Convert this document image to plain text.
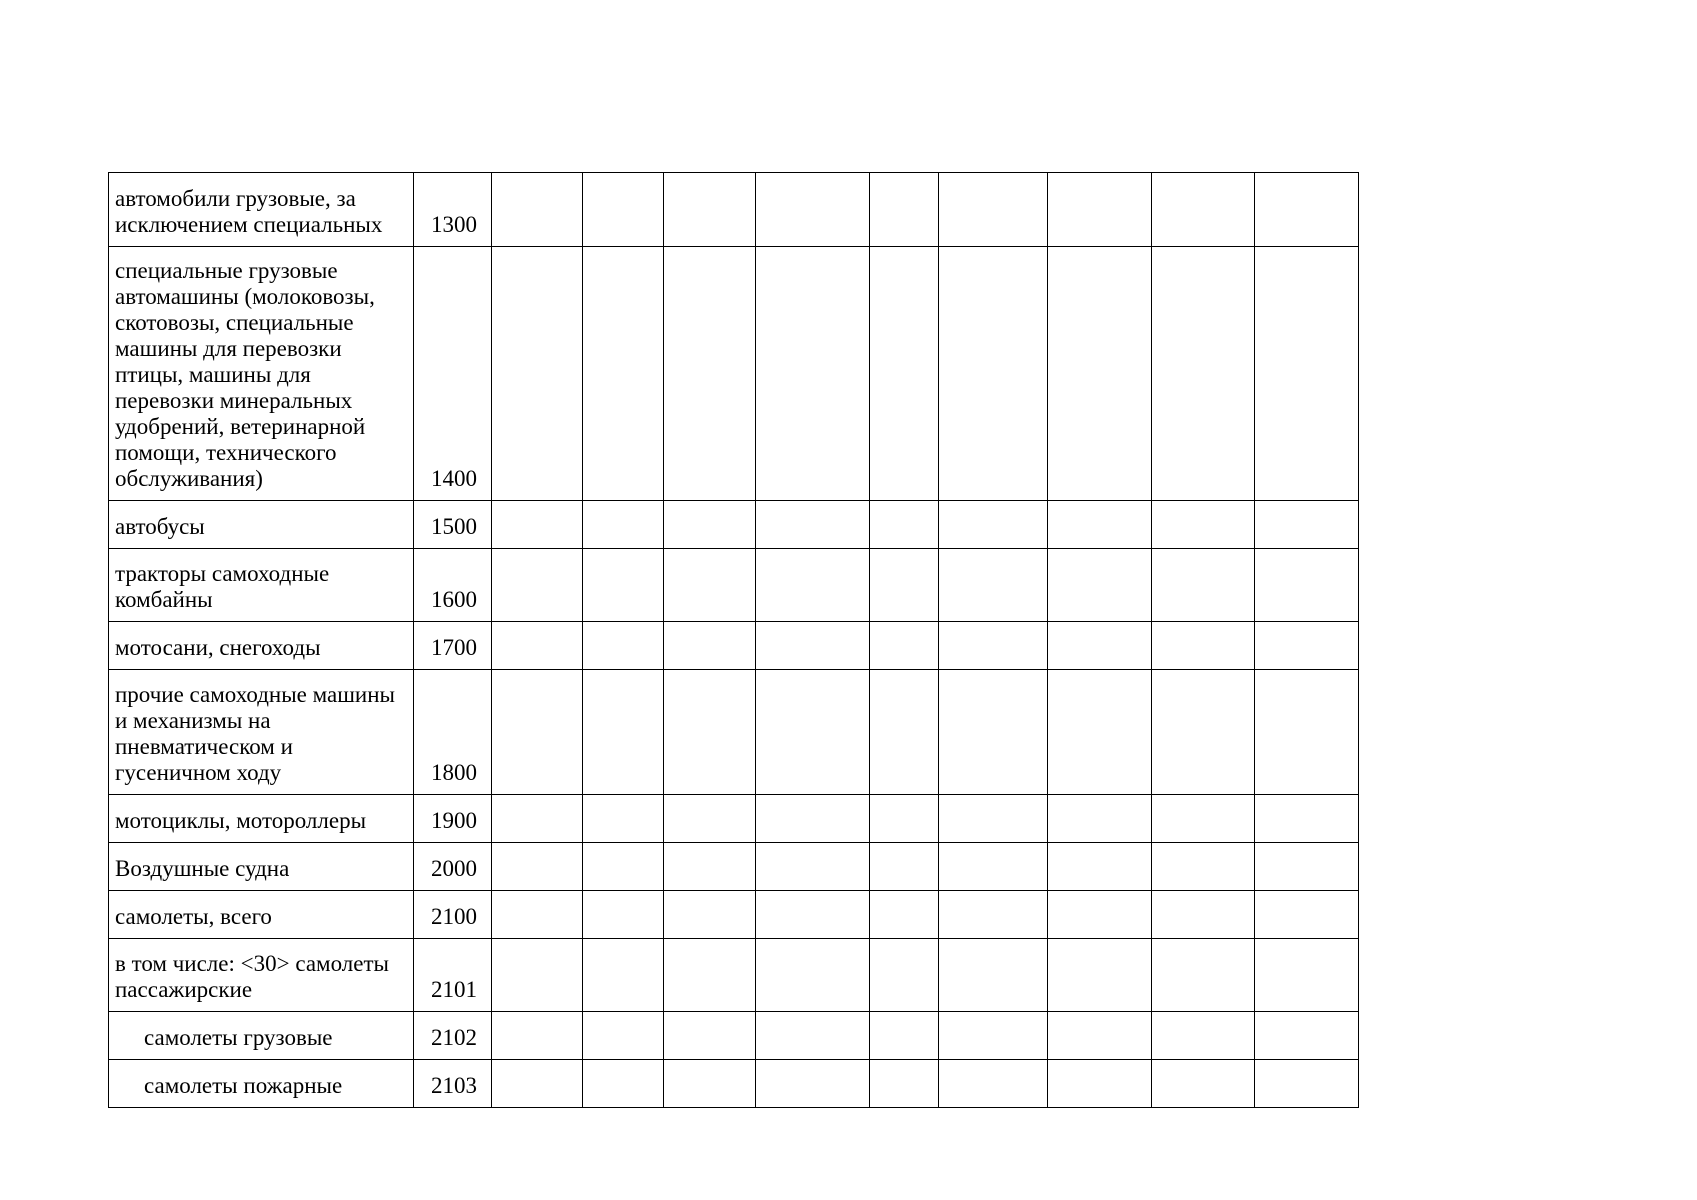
автомобили грузовые, за исключением специальных	1300									
специальные грузовые автомашины (молоковозы, скотовозы, специальные машины для перевозки птицы, машины для перевозки минеральных удобрений, ветеринарной помощи, технического обслуживания)	1400									
автобусы	1500									
тракторы самоходные комбайны	1600									
мотосани, снегоходы	1700									
прочие самоходные машины и механизмы на пневматическом и гусеничном ходу	1800									
мотоциклы, мотороллеры	1900									
Воздушные судна	2000									
самолеты, всего	2100									
в том числе: <30> самолеты пассажирские	2101									
самолеты грузовые	2102									
самолеты пожарные	2103									
